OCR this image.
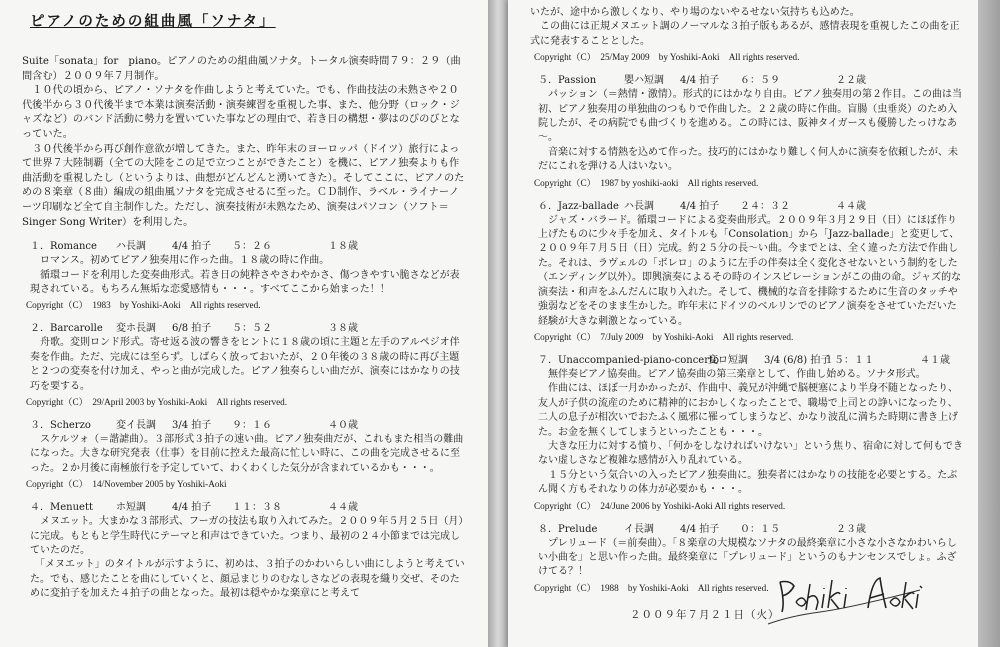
ピアノのための組曲風「ソナタ」

Suite「sonata」for　piano。ピアノのための組曲風ソナタ。トータル演奏時間７９：２９（曲間含む）２００９年７月制作。

　１０代の頃から、ピアノ・ソナタを作曲しようと考えていた。でも、作曲技法の未熟さや２０代後半から３０代後半まで本業は演奏活動・演奏練習を重視した事、また、他分野（ロック・ジャズなど）のバンド活動に勢力を置いていた事などの理由で、若き日の構想・夢はのびのびとなっていた。

　３０代後半から再び創作意欲が増してきた。また、昨年末のヨーロッパ（ドイツ）旅行によって世界７大陸制覇（全ての大陸をこの足で立つことができたこと）を機に、ピアノ独奏よりも作曲活動を重視したし（というよりは、曲想がどんどんと湧いてきた）。そしてここに、ピアノのための８楽章（８曲）編成の組曲風ソナタを完成させるに至った。ＣＤ制作、ラベル・ライナーノーツ印刷など全て自主制作した。ただし、演奏技術が未熟なため、演奏はパソコン（ソフト＝Singer Song Writer）を利用した。

１．Romance ハ長調	4/4 拍子 ５：２６	１８歳

　ロマンス。初めてピアノ独奏用に作った曲。１８歳の時に作曲。
　循環コードを利用した変奏曲形式。若き日の純粋さやさわやかさ、傷つきやすい脆さなどが表現されている。もちろん無垢な恋愛感情も・・・。すべてここから始まった！！

Copyright（C）　1983　by Yoshiki-Aoki　All rights reserved.
２．Barcarolle 変ホ長調 6/8 拍子 ５：５２	３８歳

　舟歌。変則ロンド形式。寄せ返る波の響きをヒントに１８歳の頃に主題と左手のアルペジオ伴奏を作曲。ただ、完成には至らず。しばらく放っておいたが、２０年後の３８歳の時に再び主題と２つの変奏を付け加え、やっと曲が完成した。ピアノ独奏らしい曲だが、演奏にはかなりの技巧を要する。

Copyright（C）　29/April 2003 by Yoshiki-Aoki　All rights reserved.
３．Scherzo	変イ長調 3/4 拍子 ９：１６	４０歳

　スケルツォ（＝諧謔曲）。３部形式３拍子の速い曲。ピアノ独奏曲だが、これもまた相当の難曲になった。大きな研究発表（仕事）を目前に控えた最高に忙しい時に、この曲を完成させるに至った。２か月後に南極旅行を予定していて、わくわくした気分が含まれているかも・・・。

Copyright（C）　14/November 2005 by Yoshiki-Aoki
４．Menuett ホ短調	4/4 拍子 １１：３８	４４歳

　メヌエット。大まかな３部形式、フーガの技法も取り入れてみた。２００９年５月２５日（月）に完成。もともと学生時代にテーマと和声はできていた。つまり、最初の２４小節までは完成していたのだ。
　「メヌエット」のタイトルが示すように、初めは、３拍子のかわいらしい曲にしようと考えていた。でも、感じたことを曲にしていくと、顔忌まじりのむなしさなどの表現を織り交ぜ、そのために変拍子を加えた４拍子の曲となった。最初は穏やかな楽章にと考えて

いたが、途中から激しくなり、やり場のないやるせない気持ちも込めた。

　この曲には正規メヌエット調のノーマルな３拍子版もあるが、感情表現を重視したこの曲を正式に発表することとした。

Copyright（C）　25/May 2009　by Yoshiki-Aoki　All rights reserved.
５．Passion	嬰ハ短調 4/4 拍子 ６：５９	２２歳

　パッション（＝熱情・激情）。形式的にはかなり自由。ピアノ独奏用の第２作目。この曲は当初、ピアノ独奏用の単独曲のつもりで作曲した。２２歳の時に作曲。盲腸（虫垂炎）のため入院したが、その病院でも曲づくりを進める。この時には、阪神タイガースも優勝したっけなあ～。
　音楽に対する情熱を込めて作った。技巧的にはかなり難しく何人かに演奏を依頼したが、未だにこれを弾ける人はいない。

Copyright（C）　1987 by yoshiki-aoki　All rights reserved.
６．Jazz-ballade ハ長調	4/4 拍子 ２４：３２	４４歳

　ジャズ・バラード。循環コードによる変奏曲形式。２００９年３月２９日（日）にほぼ作り上げたものに少々手を加え、タイトルも「Consolation」から「Jazz-ballade」と変更して、２００９年７月５日（日）完成。約２５分の長～い曲。今までとは、全く違った方法で作曲した。それは、ラヴェルの「ボレロ」のように左手の伴奏は全く変化させないという制約をした（エンディング以外）。即興演奏によるその時のインスピレーションがこの曲の命。ジャズ的な演奏法・和声をふんだんに取り入れた。そして、機械的な音を排除するために生音のタッチや強弱などをそのまま生かした。昨年末にドイツのベルリンでのピアノ演奏をさせていただいた経験が大きな刺激となっている。

Copyright（C）　7/July 2009　by Yoshiki-Aoki　All rights reserved.
７．Unaccompanied-piano-concerto変ロ短調 3/4 (6/8) 拍子１５：１１	４１歳

　無伴奏ピアノ協奏曲。ピアノ協奏曲の第三楽章として、作曲し始める。ソナタ形式。
　作曲には、ほぼ一月かかったが、作曲中、義兄が沖縄で脳梗塞により半身不随となったり、友人が子供の流産のために精神的におかしくなったことで、職場で上司との諍いになったり、二人の息子が相次いでおたふく風邪に罹ってしまうなど、かなり波乱に満ちた時期に書き上げた。お金を無くしてしまうといったことも・・・。
　大きな圧力に対する憤り、「何かをしなければいけない」という焦り、宿命に対して何もできない虚しさなど複雑な感情が入り乱れている。
　１５分という気合いの入ったピアノ独奏曲に。独奏者にはかなりの技能を必要とする。たぶん聞く方もそれなりの体力が必要かも・・・。

Copyright（C）　24/June 2006 by Yoshiki-Aoki All rights reserved.
８．Prelude	イ長調	4/4 拍子 ０：１５	２３歳

　プレリュード（＝前奏曲）。「８楽章の大規模なソナタの最終楽章に小さな小さなかわいらしい小曲を」と思い作った曲。最終楽章に「プレリュード」というのもナンセンスでしょ。ふざけてる？！

Copyright（C）　1988　by Yoshiki-Aoki　All rights reserved.
２００９年７月２１日（火）
